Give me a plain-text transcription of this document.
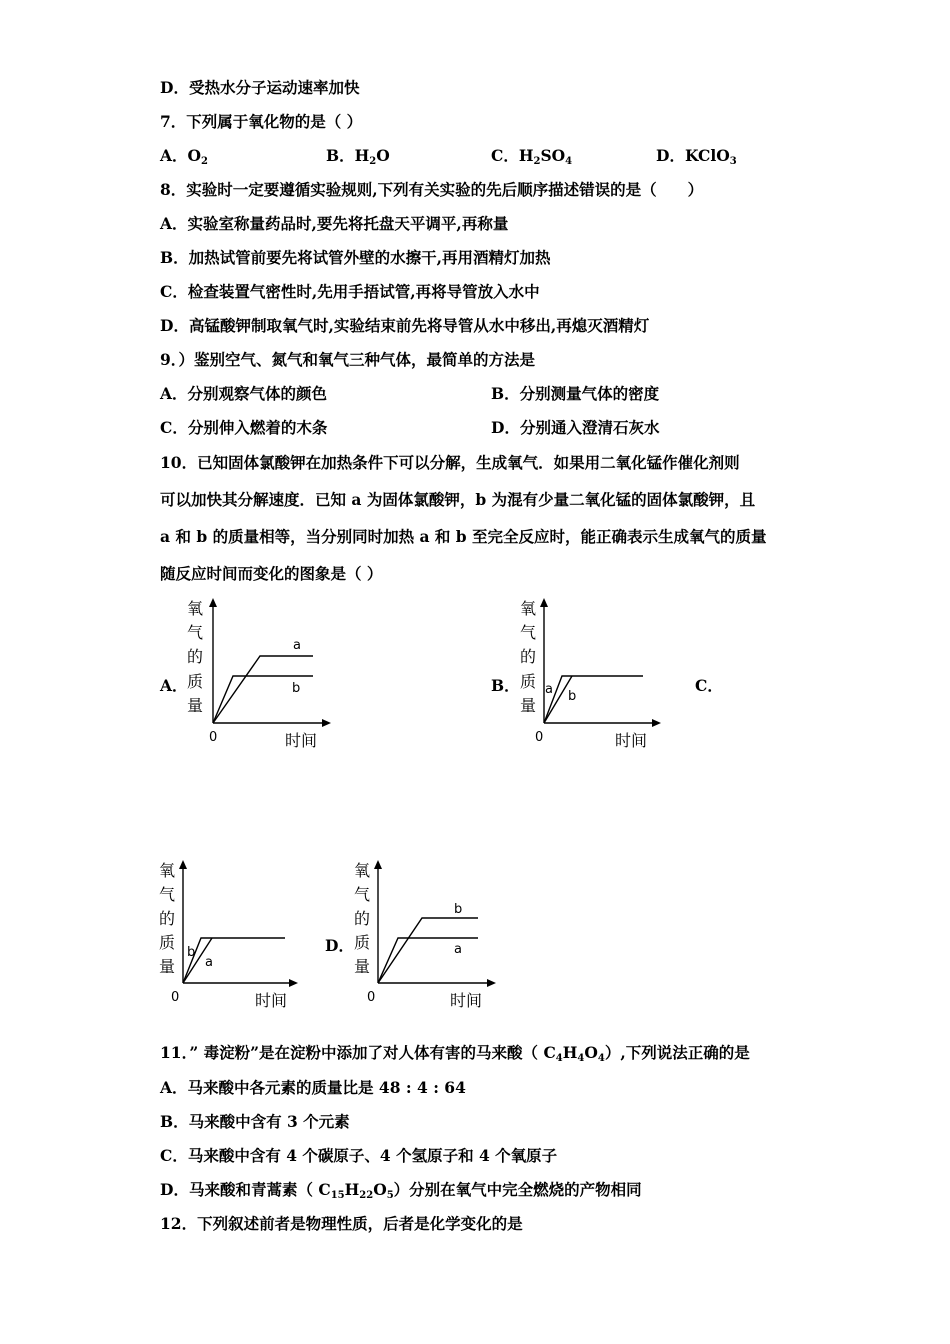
D．受热水分子运动速率加快
7．下列属于氧化物的是（ ）
A．$O_2$	B．$H_2O$	C．$H_2SO_4$	D．KClO$_3$
8．实验时一定要遵循实验规则,下列有关实验的先后顺序描述错误的是（　　）
A．实验室称量药品时,要先将托盘天平调平,再称量
B．加热试管前要先将试管外壁的水擦干,再用酒精灯加热
C．检查装置气密性时,先用手捂试管,再将导管放入水中
D．高锰酸钾制取氧气时,实验结束前先将导管从水中移出,再熄灭酒精灯
9．）鉴别空气、氮气和氧气三种气体，最简单的方法是
A．分别观察气体的颜色	B．分别测量气体的密度
C．分别伸入燃着的木条	D．分别通入澄清石灰水
10．已知固体氯酸钾在加热条件下可以分解，生成氧气．如果用二氧化锰作催化剂则
可以加快其分解速度．已知 a 为固体氯酸钾，b 为混有少量二氧化锰的固体氯酸钾，且
a 和 b 的质量相等，当分别同时加热 a 和 b 至完全反应时，能正确表示生成氧气的质量
随反应时间而变化的图象是（ ）
A．	B．	C．
D．
氧
气
的
质
量
0	时间
a
b
氧
气
的
质
量
0	时间
a b
氧
气
的
质
量
0	时间
b
a
氧
气
的
质
量
0	时间
b
a
11．” 毒淀粉”是在淀粉中添加了对人体有害的马来酸（ $C_4H_4O_4$）,下列说法正确的是
A．马来酸中各元素的质量比是 48 : 4 : 64
B．马来酸中含有 3 个元素
C．马来酸中含有 4 个碳原子、4 个氢原子和 4 个氧原子
D．马来酸和青蒿素（ $C_{15}H_{22}O_5$）分别在氧气中完全燃烧的产物相同
12．下列叙述前者是物理性质，后者是化学变化的是
